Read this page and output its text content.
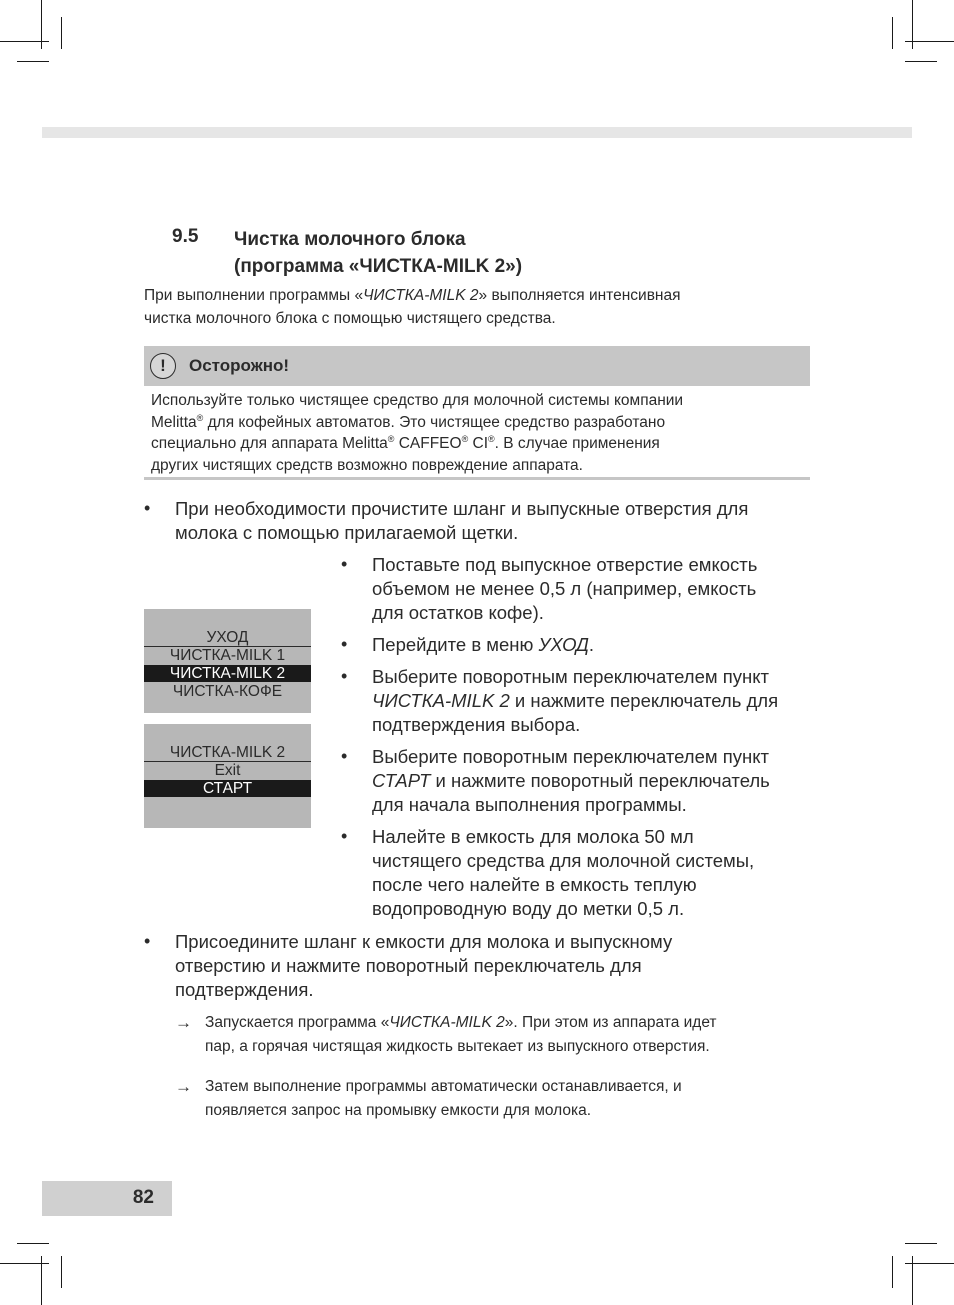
9.5 Чистка молочного блока
(программа «ЧИСТКА-MILK 2»)
При выполнении программы «ЧИСТКА-MILK 2» выполняется интенсивная
чистка молочного блока с помощью чистящего средства.
!	Осторожно!
Используйте только чистящее средство для молочной системы компании
Melitta® для кофейных автоматов. Это чистящее средство разработано
специально для аппарата Melitta® CAFFEO® CI®. В случае применения
других чистящих средств возможно повреждение аппарата.
• При необходимости прочистите шланг и выпускные отверстия для
молока с помощью прилагаемой щетки.
• Поставьте под выпускное отверстие емкость
объемом не менее 0,5 л (например, емкость
для остатков кофе).
• Перейдите в меню УХОД.
• Выберите поворотным переключателем пункт
ЧИСТКА-MILK 2 и нажмите переключатель для
подтверждения выбора.
• Выберите поворотным переключателем пункт
СТАРТ и нажмите поворотный переключатель
для начала выполнения программы.
• Налейте в емкость для молока 50 мл
чистящего средства для молочной системы,
после чего налейте в емкость теплую
водопроводную воду до метки 0,5 л.
• Присоедините шланг к емкости для молока и выпускному
отверстию и нажмите поворотный переключатель для
подтверждения.
→ Запускается программа «ЧИСТКА-MILK 2». При этом из аппарата идет
пар, а горячая чистящая жидкость вытекает из выпускного отверстия.
→ Затем выполнение программы автоматически останавливается, и
появляется запрос на промывку емкости для молока.
УХОД
ЧИСТКА-MILK 1
ЧИСТКА-MILK 2
ЧИСТКА-КОФЕ
ЧИСТКА-MILK 2
Exit
СТАРТ
82
